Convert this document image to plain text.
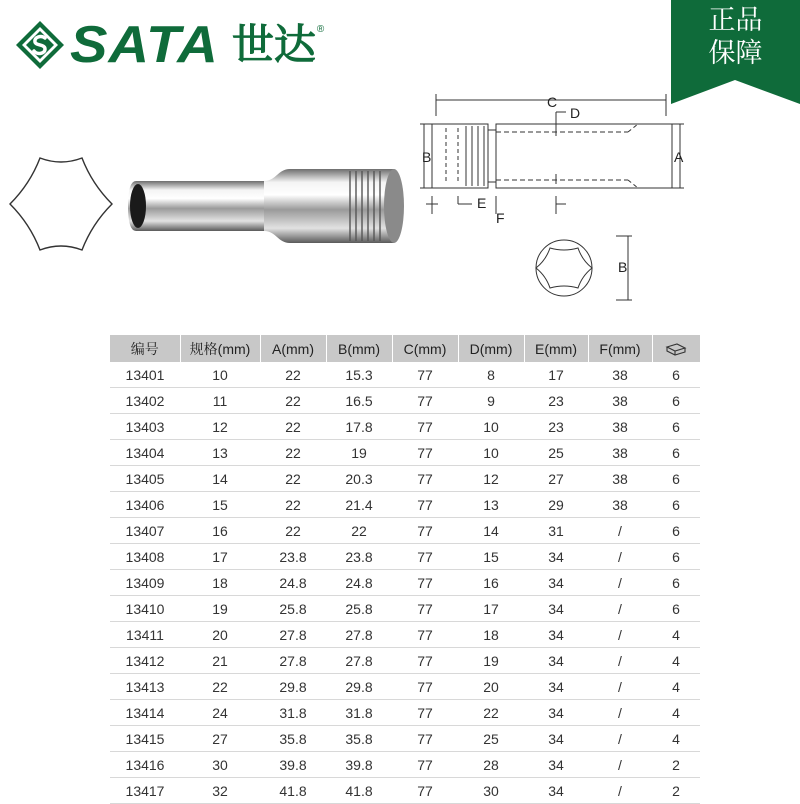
SATA 世达 ®	正品
保障
C
D
A
B
E
F
B
编号	规格(mm)	A(mm)	B(mm)	C(mm)	D(mm)	E(mm)	F(mm)	
13401	10	22	15.3	77	8	17	38	6
13402	11	22	16.5	77	9	23	38	6
13403	12	22	17.8	77	10	23	38	6
13404	13	22	19	77	10	25	38	6
13405	14	22	20.3	77	12	27	38	6
13406	15	22	21.4	77	13	29	38	6
13407	16	22	22	77	14	31	/	6
13408	17	23.8	23.8	77	15	34	/	6
13409	18	24.8	24.8	77	16	34	/	6
13410	19	25.8	25.8	77	17	34	/	6
13411	20	27.8	27.8	77	18	34	/	4
13412	21	27.8	27.8	77	19	34	/	4
13413	22	29.8	29.8	77	20	34	/	4
13414	24	31.8	31.8	77	22	34	/	4
13415	27	35.8	35.8	77	25	34	/	4
13416	30	39.8	39.8	77	28	34	/	2
13417	32	41.8	41.8	77	30	34	/	2
